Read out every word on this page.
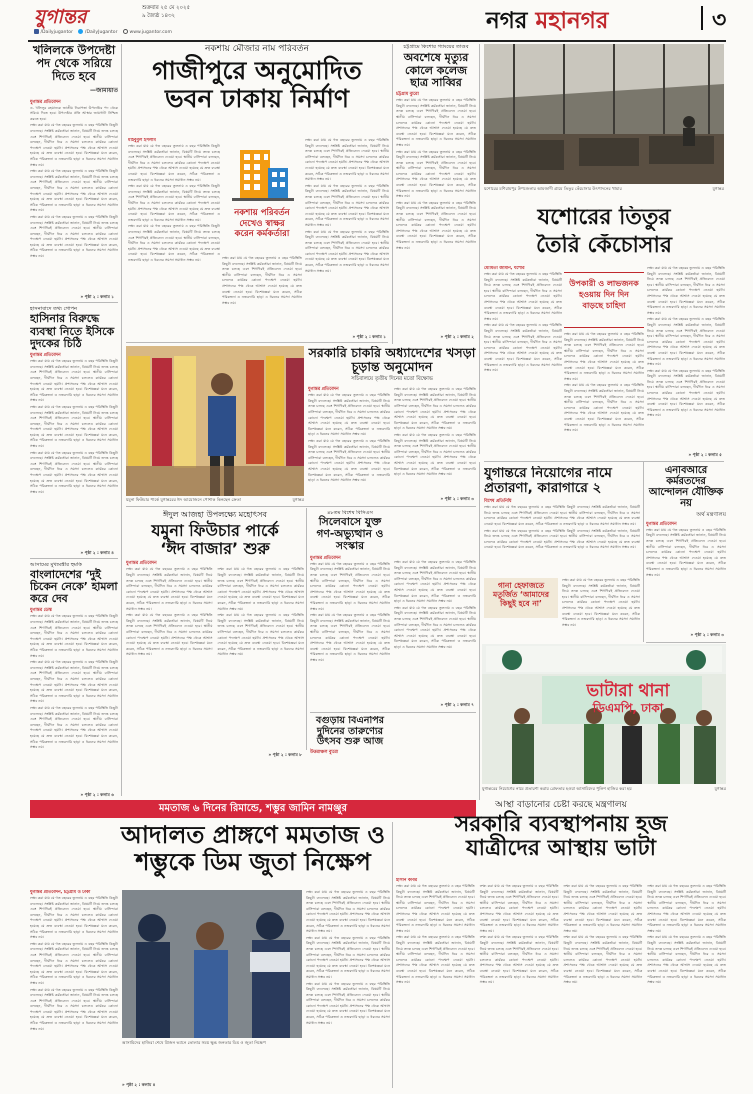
যুগান্তর	শুক্রবার ২৫ মে ২০২৫
৯ জ্যৈষ্ঠ ১৪৩২
/Dailyjugantor	/DailyJugantor	www.jugantor.com	নগর মহানগর	৩
খলিলকে উপদেষ্টা পদ থেকে সরিয়ে দিতে হবে
—জামায়াত
যুগান্তর প্রতিবেদন

ড. খলিলুর রহমানকে জাতীয় নিরাপত্তা উপদেষ্টার পদ থেকে সরিয়ে দিতে হবে। উপদেষ্টার প্রতি আস্থার জায়গাটা নিশ্চিত করতে হবে।

লক্ষ্য করা যায় যে গত বছরের তুলনায় এ বছর পরিস্থিতি কিছুটা বদলেছে। সংশ্লিষ্ট কর্মকর্তারা জানান, বিষয়টি নিয়ে তদন্ত চলছে এবং শিগগিরই প্রতিবেদন দেওয়া হবে। স্থানীয় বাসিন্দারা বলছেন, দীর্ঘদিন ধরে এ সমস্যা চললেও কার্যকর কোনো পদক্ষেপ নেওয়া হয়নি। প্রশাসনের পক্ষ থেকে আশ্বাস দেওয়া হয়েছে যে দ্রুত ব্যবস্থা নেওয়া হবে। বিশেষজ্ঞরা মনে করেন, সঠিক পরিকল্পনা ও নজরদারি ছাড়া এ ধরনের সমস্যা সমাধান সম্ভব নয়।

লক্ষ্য করা যায় যে গত বছরের তুলনায় এ বছর পরিস্থিতি কিছুটা বদলেছে। সংশ্লিষ্ট কর্মকর্তারা জানান, বিষয়টি নিয়ে তদন্ত চলছে এবং শিগগিরই প্রতিবেদন দেওয়া হবে। স্থানীয় বাসিন্দারা বলছেন, দীর্ঘদিন ধরে এ সমস্যা চললেও কার্যকর কোনো পদক্ষেপ নেওয়া হয়নি। প্রশাসনের পক্ষ থেকে আশ্বাস দেওয়া হয়েছে যে দ্রুত ব্যবস্থা নেওয়া হবে। বিশেষজ্ঞরা মনে করেন, সঠিক পরিকল্পনা ও নজরদারি ছাড়া এ ধরনের সমস্যা সমাধান সম্ভব নয়।

লক্ষ্য করা যায় যে গত বছরের তুলনায় এ বছর পরিস্থিতি কিছুটা বদলেছে। সংশ্লিষ্ট কর্মকর্তারা জানান, বিষয়টি নিয়ে তদন্ত চলছে এবং শিগগিরই প্রতিবেদন দেওয়া হবে। স্থানীয় বাসিন্দারা বলছেন, দীর্ঘদিন ধরে এ সমস্যা চললেও কার্যকর কোনো পদক্ষেপ নেওয়া হয়নি। প্রশাসনের পক্ষ থেকে আশ্বাস দেওয়া হয়েছে যে দ্রুত ব্যবস্থা নেওয়া হবে। বিশেষজ্ঞরা মনে করেন, সঠিক পরিকল্পনা ও নজরদারি ছাড়া এ ধরনের সমস্যা সমাধান সম্ভব নয়।

» পৃষ্ঠা ২ : কলাম ১
হাসনাবাদে তথ্য গোপন
হাসিনার বিরুদ্ধে ব্যবস্থা নিতে ইসিকে দুদকের চিঠি
যুগান্তর প্রতিবেদন

লক্ষ্য করা যায় যে গত বছরের তুলনায় এ বছর পরিস্থিতি কিছুটা বদলেছে। সংশ্লিষ্ট কর্মকর্তারা জানান, বিষয়টি নিয়ে তদন্ত চলছে এবং শিগগিরই প্রতিবেদন দেওয়া হবে। স্থানীয় বাসিন্দারা বলছেন, দীর্ঘদিন ধরে এ সমস্যা চললেও কার্যকর কোনো পদক্ষেপ নেওয়া হয়নি। প্রশাসনের পক্ষ থেকে আশ্বাস দেওয়া হয়েছে যে দ্রুত ব্যবস্থা নেওয়া হবে। বিশেষজ্ঞরা মনে করেন, সঠিক পরিকল্পনা ও নজরদারি ছাড়া এ ধরনের সমস্যা সমাধান সম্ভব নয়।

লক্ষ্য করা যায় যে গত বছরের তুলনায় এ বছর পরিস্থিতি কিছুটা বদলেছে। সংশ্লিষ্ট কর্মকর্তারা জানান, বিষয়টি নিয়ে তদন্ত চলছে এবং শিগগিরই প্রতিবেদন দেওয়া হবে। স্থানীয় বাসিন্দারা বলছেন, দীর্ঘদিন ধরে এ সমস্যা চললেও কার্যকর কোনো পদক্ষেপ নেওয়া হয়নি। প্রশাসনের পক্ষ থেকে আশ্বাস দেওয়া হয়েছে যে দ্রুত ব্যবস্থা নেওয়া হবে। বিশেষজ্ঞরা মনে করেন, সঠিক পরিকল্পনা ও নজরদারি ছাড়া এ ধরনের সমস্যা সমাধান সম্ভব নয়।

লক্ষ্য করা যায় যে গত বছরের তুলনায় এ বছর পরিস্থিতি কিছুটা বদলেছে। সংশ্লিষ্ট কর্মকর্তারা জানান, বিষয়টি নিয়ে তদন্ত চলছে এবং শিগগিরই প্রতিবেদন দেওয়া হবে। স্থানীয় বাসিন্দারা বলছেন, দীর্ঘদিন ধরে এ সমস্যা চললেও কার্যকর কোনো পদক্ষেপ নেওয়া হয়নি। প্রশাসনের পক্ষ থেকে আশ্বাস দেওয়া হয়েছে যে দ্রুত ব্যবস্থা নেওয়া হবে। বিশেষজ্ঞরা মনে করেন, সঠিক পরিকল্পনা ও নজরদারি ছাড়া এ ধরনের সমস্যা সমাধান সম্ভব নয়।

» পৃষ্ঠা ২ : কলাম ৪
আসামের মুখ্যমন্ত্রীর হুমকি
বাংলাদেশের ‘দুই চিকেন নেকে’ হামলা করে দেব
যুগান্তর ডেস্ক

লক্ষ্য করা যায় যে গত বছরের তুলনায় এ বছর পরিস্থিতি কিছুটা বদলেছে। সংশ্লিষ্ট কর্মকর্তারা জানান, বিষয়টি নিয়ে তদন্ত চলছে এবং শিগগিরই প্রতিবেদন দেওয়া হবে। স্থানীয় বাসিন্দারা বলছেন, দীর্ঘদিন ধরে এ সমস্যা চললেও কার্যকর কোনো পদক্ষেপ নেওয়া হয়নি। প্রশাসনের পক্ষ থেকে আশ্বাস দেওয়া হয়েছে যে দ্রুত ব্যবস্থা নেওয়া হবে। বিশেষজ্ঞরা মনে করেন, সঠিক পরিকল্পনা ও নজরদারি ছাড়া এ ধরনের সমস্যা সমাধান সম্ভব নয়।

লক্ষ্য করা যায় যে গত বছরের তুলনায় এ বছর পরিস্থিতি কিছুটা বদলেছে। সংশ্লিষ্ট কর্মকর্তারা জানান, বিষয়টি নিয়ে তদন্ত চলছে এবং শিগগিরই প্রতিবেদন দেওয়া হবে। স্থানীয় বাসিন্দারা বলছেন, দীর্ঘদিন ধরে এ সমস্যা চললেও কার্যকর কোনো পদক্ষেপ নেওয়া হয়নি। প্রশাসনের পক্ষ থেকে আশ্বাস দেওয়া হয়েছে যে দ্রুত ব্যবস্থা নেওয়া হবে। বিশেষজ্ঞরা মনে করেন, সঠিক পরিকল্পনা ও নজরদারি ছাড়া এ ধরনের সমস্যা সমাধান সম্ভব নয়।

লক্ষ্য করা যায় যে গত বছরের তুলনায় এ বছর পরিস্থিতি কিছুটা বদলেছে। সংশ্লিষ্ট কর্মকর্তারা জানান, বিষয়টি নিয়ে তদন্ত চলছে এবং শিগগিরই প্রতিবেদন দেওয়া হবে। স্থানীয় বাসিন্দারা বলছেন, দীর্ঘদিন ধরে এ সমস্যা চললেও কার্যকর কোনো পদক্ষেপ নেওয়া হয়নি। প্রশাসনের পক্ষ থেকে আশ্বাস দেওয়া হয়েছে যে দ্রুত ব্যবস্থা নেওয়া হবে। বিশেষজ্ঞরা মনে করেন, সঠিক পরিকল্পনা ও নজরদারি ছাড়া এ ধরনের সমস্যা সমাধান সম্ভব নয়।

» পৃষ্ঠা ২ : কলাম ৬
নকশায় মৌজার নাম পরিবর্তন
গাজীপুরে অনুমোদিত
ভবন ঢাকায় নির্মাণ
মাহবুবুল ইসলাম

লক্ষ্য করা যায় যে গত বছরের তুলনায় এ বছর পরিস্থিতি কিছুটা বদলেছে। সংশ্লিষ্ট কর্মকর্তারা জানান, বিষয়টি নিয়ে তদন্ত চলছে এবং শিগগিরই প্রতিবেদন দেওয়া হবে। স্থানীয় বাসিন্দারা বলছেন, দীর্ঘদিন ধরে এ সমস্যা চললেও কার্যকর কোনো পদক্ষেপ নেওয়া হয়নি। প্রশাসনের পক্ষ থেকে আশ্বাস দেওয়া হয়েছে যে দ্রুত ব্যবস্থা নেওয়া হবে। বিশেষজ্ঞরা মনে করেন, সঠিক পরিকল্পনা ও নজরদারি ছাড়া এ ধরনের সমস্যা সমাধান সম্ভব নয়।

লক্ষ্য করা যায় যে গত বছরের তুলনায় এ বছর পরিস্থিতি কিছুটা বদলেছে। সংশ্লিষ্ট কর্মকর্তারা জানান, বিষয়টি নিয়ে তদন্ত চলছে এবং শিগগিরই প্রতিবেদন দেওয়া হবে। স্থানীয় বাসিন্দারা বলছেন, দীর্ঘদিন ধরে এ সমস্যা চললেও কার্যকর কোনো পদক্ষেপ নেওয়া হয়নি। প্রশাসনের পক্ষ থেকে আশ্বাস দেওয়া হয়েছে যে দ্রুত ব্যবস্থা নেওয়া হবে। বিশেষজ্ঞরা মনে করেন, সঠিক পরিকল্পনা ও নজরদারি ছাড়া এ ধরনের সমস্যা সমাধান সম্ভব নয়।

লক্ষ্য করা যায় যে গত বছরের তুলনায় এ বছর পরিস্থিতি কিছুটা বদলেছে। সংশ্লিষ্ট কর্মকর্তারা জানান, বিষয়টি নিয়ে তদন্ত চলছে এবং শিগগিরই প্রতিবেদন দেওয়া হবে। স্থানীয় বাসিন্দারা বলছেন, দীর্ঘদিন ধরে এ সমস্যা চললেও কার্যকর কোনো পদক্ষেপ নেওয়া হয়নি। প্রশাসনের পক্ষ থেকে আশ্বাস দেওয়া হয়েছে যে দ্রুত ব্যবস্থা নেওয়া হবে। বিশেষজ্ঞরা মনে করেন, সঠিক পরিকল্পনা ও নজরদারি ছাড়া এ ধরনের সমস্যা সমাধান সম্ভব নয়।

নকশায় পরিবর্তন
দেখেও স্বাক্ষর
করেন কর্মকর্তারা

লক্ষ্য করা যায় যে গত বছরের তুলনায় এ বছর পরিস্থিতি কিছুটা বদলেছে। সংশ্লিষ্ট কর্মকর্তারা জানান, বিষয়টি নিয়ে তদন্ত চলছে এবং শিগগিরই প্রতিবেদন দেওয়া হবে। স্থানীয় বাসিন্দারা বলছেন, দীর্ঘদিন ধরে এ সমস্যা চললেও কার্যকর কোনো পদক্ষেপ নেওয়া হয়নি। প্রশাসনের পক্ষ থেকে আশ্বাস দেওয়া হয়েছে যে দ্রুত ব্যবস্থা নেওয়া হবে। বিশেষজ্ঞরা মনে করেন, সঠিক পরিকল্পনা ও নজরদারি ছাড়া এ ধরনের সমস্যা সমাধান সম্ভব নয়।

লক্ষ্য করা যায় যে গত বছরের তুলনায় এ বছর পরিস্থিতি কিছুটা বদলেছে। সংশ্লিষ্ট কর্মকর্তারা জানান, বিষয়টি নিয়ে তদন্ত চলছে এবং শিগগিরই প্রতিবেদন দেওয়া হবে। স্থানীয় বাসিন্দারা বলছেন, দীর্ঘদিন ধরে এ সমস্যা চললেও কার্যকর কোনো পদক্ষেপ নেওয়া হয়নি। প্রশাসনের পক্ষ থেকে আশ্বাস দেওয়া হয়েছে যে দ্রুত ব্যবস্থা নেওয়া হবে। বিশেষজ্ঞরা মনে করেন, সঠিক পরিকল্পনা ও নজরদারি ছাড়া এ ধরনের সমস্যা সমাধান সম্ভব নয়।

লক্ষ্য করা যায় যে গত বছরের তুলনায় এ বছর পরিস্থিতি কিছুটা বদলেছে। সংশ্লিষ্ট কর্মকর্তারা জানান, বিষয়টি নিয়ে তদন্ত চলছে এবং শিগগিরই প্রতিবেদন দেওয়া হবে। স্থানীয় বাসিন্দারা বলছেন, দীর্ঘদিন ধরে এ সমস্যা চললেও কার্যকর কোনো পদক্ষেপ নেওয়া হয়নি। প্রশাসনের পক্ষ থেকে আশ্বাস দেওয়া হয়েছে যে দ্রুত ব্যবস্থা নেওয়া হবে। বিশেষজ্ঞরা মনে করেন, সঠিক পরিকল্পনা ও নজরদারি ছাড়া এ ধরনের সমস্যা সমাধান সম্ভব নয়।

লক্ষ্য করা যায় যে গত বছরের তুলনায় এ বছর পরিস্থিতি কিছুটা বদলেছে। সংশ্লিষ্ট কর্মকর্তারা জানান, বিষয়টি নিয়ে তদন্ত চলছে এবং শিগগিরই প্রতিবেদন দেওয়া হবে। স্থানীয় বাসিন্দারা বলছেন, দীর্ঘদিন ধরে এ সমস্যা চললেও কার্যকর কোনো পদক্ষেপ নেওয়া হয়নি। প্রশাসনের পক্ষ থেকে আশ্বাস দেওয়া হয়েছে যে দ্রুত ব্যবস্থা নেওয়া হবে। বিশেষজ্ঞরা মনে করেন, সঠিক পরিকল্পনা ও নজরদারি ছাড়া এ ধরনের সমস্যা সমাধান সম্ভব নয়।

» পৃষ্ঠা ২ : কলাম ১
চট্টগ্রামে কিশোর গ্যাংয়ের তাণ্ডব
অবশেষে মৃত্যুর কোলে কলেজ ছাত্র সাব্বির
চট্টগ্রাম ব্যুরো

লক্ষ্য করা যায় যে গত বছরের তুলনায় এ বছর পরিস্থিতি কিছুটা বদলেছে। সংশ্লিষ্ট কর্মকর্তারা জানান, বিষয়টি নিয়ে তদন্ত চলছে এবং শিগগিরই প্রতিবেদন দেওয়া হবে। স্থানীয় বাসিন্দারা বলছেন, দীর্ঘদিন ধরে এ সমস্যা চললেও কার্যকর কোনো পদক্ষেপ নেওয়া হয়নি। প্রশাসনের পক্ষ থেকে আশ্বাস দেওয়া হয়েছে যে দ্রুত ব্যবস্থা নেওয়া হবে। বিশেষজ্ঞরা মনে করেন, সঠিক পরিকল্পনা ও নজরদারি ছাড়া এ ধরনের সমস্যা সমাধান সম্ভব নয়।

লক্ষ্য করা যায় যে গত বছরের তুলনায় এ বছর পরিস্থিতি কিছুটা বদলেছে। সংশ্লিষ্ট কর্মকর্তারা জানান, বিষয়টি নিয়ে তদন্ত চলছে এবং শিগগিরই প্রতিবেদন দেওয়া হবে। স্থানীয় বাসিন্দারা বলছেন, দীর্ঘদিন ধরে এ সমস্যা চললেও কার্যকর কোনো পদক্ষেপ নেওয়া হয়নি। প্রশাসনের পক্ষ থেকে আশ্বাস দেওয়া হয়েছে যে দ্রুত ব্যবস্থা নেওয়া হবে। বিশেষজ্ঞরা মনে করেন, সঠিক পরিকল্পনা ও নজরদারি ছাড়া এ ধরনের সমস্যা সমাধান সম্ভব নয়।

লক্ষ্য করা যায় যে গত বছরের তুলনায় এ বছর পরিস্থিতি কিছুটা বদলেছে। সংশ্লিষ্ট কর্মকর্তারা জানান, বিষয়টি নিয়ে তদন্ত চলছে এবং শিগগিরই প্রতিবেদন দেওয়া হবে। স্থানীয় বাসিন্দারা বলছেন, দীর্ঘদিন ধরে এ সমস্যা চললেও কার্যকর কোনো পদক্ষেপ নেওয়া হয়নি। প্রশাসনের পক্ষ থেকে আশ্বাস দেওয়া হয়েছে যে দ্রুত ব্যবস্থা নেওয়া হবে। বিশেষজ্ঞরা মনে করেন, সঠিক পরিকল্পনা ও নজরদারি ছাড়া এ ধরনের সমস্যা সমাধান সম্ভব নয়।

» পৃষ্ঠা ২ : কলাম ২
যশোরের মণিরামপুর উপজেলার আমজাদী গ্রামে তিতুর কেঁচোসার উৎপাদনের খামার	যুগান্তর
যশোরের তিতুর
তৈরি কেঁচোসার
মৌমিতা জামান, যশোর

লক্ষ্য করা যায় যে গত বছরের তুলনায় এ বছর পরিস্থিতি কিছুটা বদলেছে। সংশ্লিষ্ট কর্মকর্তারা জানান, বিষয়টি নিয়ে তদন্ত চলছে এবং শিগগিরই প্রতিবেদন দেওয়া হবে। স্থানীয় বাসিন্দারা বলছেন, দীর্ঘদিন ধরে এ সমস্যা চললেও কার্যকর কোনো পদক্ষেপ নেওয়া হয়নি। প্রশাসনের পক্ষ থেকে আশ্বাস দেওয়া হয়েছে যে দ্রুত ব্যবস্থা নেওয়া হবে। বিশেষজ্ঞরা মনে করেন, সঠিক পরিকল্পনা ও নজরদারি ছাড়া এ ধরনের সমস্যা সমাধান সম্ভব নয়।

লক্ষ্য করা যায় যে গত বছরের তুলনায় এ বছর পরিস্থিতি কিছুটা বদলেছে। সংশ্লিষ্ট কর্মকর্তারা জানান, বিষয়টি নিয়ে তদন্ত চলছে এবং শিগগিরই প্রতিবেদন দেওয়া হবে। স্থানীয় বাসিন্দারা বলছেন, দীর্ঘদিন ধরে এ সমস্যা চললেও কার্যকর কোনো পদক্ষেপ নেওয়া হয়নি। প্রশাসনের পক্ষ থেকে আশ্বাস দেওয়া হয়েছে যে দ্রুত ব্যবস্থা নেওয়া হবে। বিশেষজ্ঞরা মনে করেন, সঠিক পরিকল্পনা ও নজরদারি ছাড়া এ ধরনের সমস্যা সমাধান সম্ভব নয়।

উপকারী ও লাভজনক
হওয়ায় দিন দিন
বাড়ছে চাহিদা

লক্ষ্য করা যায় যে গত বছরের তুলনায় এ বছর পরিস্থিতি কিছুটা বদলেছে। সংশ্লিষ্ট কর্মকর্তারা জানান, বিষয়টি নিয়ে তদন্ত চলছে এবং শিগগিরই প্রতিবেদন দেওয়া হবে। স্থানীয় বাসিন্দারা বলছেন, দীর্ঘদিন ধরে এ সমস্যা চললেও কার্যকর কোনো পদক্ষেপ নেওয়া হয়নি। প্রশাসনের পক্ষ থেকে আশ্বাস দেওয়া হয়েছে যে দ্রুত ব্যবস্থা নেওয়া হবে। বিশেষজ্ঞরা মনে করেন, সঠিক পরিকল্পনা ও নজরদারি ছাড়া এ ধরনের সমস্যা সমাধান সম্ভব নয়।

লক্ষ্য করা যায় যে গত বছরের তুলনায় এ বছর পরিস্থিতি কিছুটা বদলেছে। সংশ্লিষ্ট কর্মকর্তারা জানান, বিষয়টি নিয়ে তদন্ত চলছে এবং শিগগিরই প্রতিবেদন দেওয়া হবে। স্থানীয় বাসিন্দারা বলছেন, দীর্ঘদিন ধরে এ সমস্যা চললেও কার্যকর কোনো পদক্ষেপ নেওয়া হয়নি। প্রশাসনের পক্ষ থেকে আশ্বাস দেওয়া হয়েছে যে দ্রুত ব্যবস্থা নেওয়া হবে। বিশেষজ্ঞরা মনে করেন, সঠিক পরিকল্পনা ও নজরদারি ছাড়া এ ধরনের সমস্যা সমাধান সম্ভব নয়।

লক্ষ্য করা যায় যে গত বছরের তুলনায় এ বছর পরিস্থিতি কিছুটা বদলেছে। সংশ্লিষ্ট কর্মকর্তারা জানান, বিষয়টি নিয়ে তদন্ত চলছে এবং শিগগিরই প্রতিবেদন দেওয়া হবে। স্থানীয় বাসিন্দারা বলছেন, দীর্ঘদিন ধরে এ সমস্যা চললেও কার্যকর কোনো পদক্ষেপ নেওয়া হয়নি। প্রশাসনের পক্ষ থেকে আশ্বাস দেওয়া হয়েছে যে দ্রুত ব্যবস্থা নেওয়া হবে। বিশেষজ্ঞরা মনে করেন, সঠিক পরিকল্পনা ও নজরদারি ছাড়া এ ধরনের সমস্যা সমাধান সম্ভব নয়।

লক্ষ্য করা যায় যে গত বছরের তুলনায় এ বছর পরিস্থিতি কিছুটা বদলেছে। সংশ্লিষ্ট কর্মকর্তারা জানান, বিষয়টি নিয়ে তদন্ত চলছে এবং শিগগিরই প্রতিবেদন দেওয়া হবে। স্থানীয় বাসিন্দারা বলছেন, দীর্ঘদিন ধরে এ সমস্যা চললেও কার্যকর কোনো পদক্ষেপ নেওয়া হয়নি। প্রশাসনের পক্ষ থেকে আশ্বাস দেওয়া হয়েছে যে দ্রুত ব্যবস্থা নেওয়া হবে। বিশেষজ্ঞরা মনে করেন, সঠিক পরিকল্পনা ও নজরদারি ছাড়া এ ধরনের সমস্যা সমাধান সম্ভব নয়।

লক্ষ্য করা যায় যে গত বছরের তুলনায় এ বছর পরিস্থিতি কিছুটা বদলেছে। সংশ্লিষ্ট কর্মকর্তারা জানান, বিষয়টি নিয়ে তদন্ত চলছে এবং শিগগিরই প্রতিবেদন দেওয়া হবে। স্থানীয় বাসিন্দারা বলছেন, দীর্ঘদিন ধরে এ সমস্যা চললেও কার্যকর কোনো পদক্ষেপ নেওয়া হয়নি। প্রশাসনের পক্ষ থেকে আশ্বাস দেওয়া হয়েছে যে দ্রুত ব্যবস্থা নেওয়া হবে। বিশেষজ্ঞরা মনে করেন, সঠিক পরিকল্পনা ও নজরদারি ছাড়া এ ধরনের সমস্যা সমাধান সম্ভব নয়।

» পৃষ্ঠা ২ : কলাম ৫
যমুনা ফিউচার পার্কে যুগান্তরের ঈদ আয়োজনে পোশাক কিনছেন ক্রেতা	যুগান্তর
সরকারি চাকরি অধ্যাদেশের খসড়া চূড়ান্ত অনুমোদন
সচিবালয়ে তৃতীয় দিনের মতো বিক্ষোভ
যুগান্তর প্রতিবেদন

লক্ষ্য করা যায় যে গত বছরের তুলনায় এ বছর পরিস্থিতি কিছুটা বদলেছে। সংশ্লিষ্ট কর্মকর্তারা জানান, বিষয়টি নিয়ে তদন্ত চলছে এবং শিগগিরই প্রতিবেদন দেওয়া হবে। স্থানীয় বাসিন্দারা বলছেন, দীর্ঘদিন ধরে এ সমস্যা চললেও কার্যকর কোনো পদক্ষেপ নেওয়া হয়নি। প্রশাসনের পক্ষ থেকে আশ্বাস দেওয়া হয়েছে যে দ্রুত ব্যবস্থা নেওয়া হবে। বিশেষজ্ঞরা মনে করেন, সঠিক পরিকল্পনা ও নজরদারি ছাড়া এ ধরনের সমস্যা সমাধান সম্ভব নয়।

লক্ষ্য করা যায় যে গত বছরের তুলনায় এ বছর পরিস্থিতি কিছুটা বদলেছে। সংশ্লিষ্ট কর্মকর্তারা জানান, বিষয়টি নিয়ে তদন্ত চলছে এবং শিগগিরই প্রতিবেদন দেওয়া হবে। স্থানীয় বাসিন্দারা বলছেন, দীর্ঘদিন ধরে এ সমস্যা চললেও কার্যকর কোনো পদক্ষেপ নেওয়া হয়নি। প্রশাসনের পক্ষ থেকে আশ্বাস দেওয়া হয়েছে যে দ্রুত ব্যবস্থা নেওয়া হবে। বিশেষজ্ঞরা মনে করেন, সঠিক পরিকল্পনা ও নজরদারি ছাড়া এ ধরনের সমস্যা সমাধান সম্ভব নয়।

লক্ষ্য করা যায় যে গত বছরের তুলনায় এ বছর পরিস্থিতি কিছুটা বদলেছে। সংশ্লিষ্ট কর্মকর্তারা জানান, বিষয়টি নিয়ে তদন্ত চলছে এবং শিগগিরই প্রতিবেদন দেওয়া হবে। স্থানীয় বাসিন্দারা বলছেন, দীর্ঘদিন ধরে এ সমস্যা চললেও কার্যকর কোনো পদক্ষেপ নেওয়া হয়নি। প্রশাসনের পক্ষ থেকে আশ্বাস দেওয়া হয়েছে যে দ্রুত ব্যবস্থা নেওয়া হবে। বিশেষজ্ঞরা মনে করেন, সঠিক পরিকল্পনা ও নজরদারি ছাড়া এ ধরনের সমস্যা সমাধান সম্ভব নয়।

লক্ষ্য করা যায় যে গত বছরের তুলনায় এ বছর পরিস্থিতি কিছুটা বদলেছে। সংশ্লিষ্ট কর্মকর্তারা জানান, বিষয়টি নিয়ে তদন্ত চলছে এবং শিগগিরই প্রতিবেদন দেওয়া হবে। স্থানীয় বাসিন্দারা বলছেন, দীর্ঘদিন ধরে এ সমস্যা চললেও কার্যকর কোনো পদক্ষেপ নেওয়া হয়নি। প্রশাসনের পক্ষ থেকে আশ্বাস দেওয়া হয়েছে যে দ্রুত ব্যবস্থা নেওয়া হবে। বিশেষজ্ঞরা মনে করেন, সঠিক পরিকল্পনা ও নজরদারি ছাড়া এ ধরনের সমস্যা সমাধান সম্ভব নয়।

» পৃষ্ঠা ২ : কলাম ৩
ঈদুল আজহা উপলক্ষ্যে মহোৎসব
যমুনা ফিউচার পার্কে
‘ঈদ বাজার’ শুরু
যুগান্তর প্রতিবেদন

লক্ষ্য করা যায় যে গত বছরের তুলনায় এ বছর পরিস্থিতি কিছুটা বদলেছে। সংশ্লিষ্ট কর্মকর্তারা জানান, বিষয়টি নিয়ে তদন্ত চলছে এবং শিগগিরই প্রতিবেদন দেওয়া হবে। স্থানীয় বাসিন্দারা বলছেন, দীর্ঘদিন ধরে এ সমস্যা চললেও কার্যকর কোনো পদক্ষেপ নেওয়া হয়নি। প্রশাসনের পক্ষ থেকে আশ্বাস দেওয়া হয়েছে যে দ্রুত ব্যবস্থা নেওয়া হবে। বিশেষজ্ঞরা মনে করেন, সঠিক পরিকল্পনা ও নজরদারি ছাড়া এ ধরনের সমস্যা সমাধান সম্ভব নয়।

লক্ষ্য করা যায় যে গত বছরের তুলনায় এ বছর পরিস্থিতি কিছুটা বদলেছে। সংশ্লিষ্ট কর্মকর্তারা জানান, বিষয়টি নিয়ে তদন্ত চলছে এবং শিগগিরই প্রতিবেদন দেওয়া হবে। স্থানীয় বাসিন্দারা বলছেন, দীর্ঘদিন ধরে এ সমস্যা চললেও কার্যকর কোনো পদক্ষেপ নেওয়া হয়নি। প্রশাসনের পক্ষ থেকে আশ্বাস দেওয়া হয়েছে যে দ্রুত ব্যবস্থা নেওয়া হবে। বিশেষজ্ঞরা মনে করেন, সঠিক পরিকল্পনা ও নজরদারি ছাড়া এ ধরনের সমস্যা সমাধান সম্ভব নয়।

লক্ষ্য করা যায় যে গত বছরের তুলনায় এ বছর পরিস্থিতি কিছুটা বদলেছে। সংশ্লিষ্ট কর্মকর্তারা জানান, বিষয়টি নিয়ে তদন্ত চলছে এবং শিগগিরই প্রতিবেদন দেওয়া হবে। স্থানীয় বাসিন্দারা বলছেন, দীর্ঘদিন ধরে এ সমস্যা চললেও কার্যকর কোনো পদক্ষেপ নেওয়া হয়নি। প্রশাসনের পক্ষ থেকে আশ্বাস দেওয়া হয়েছে যে দ্রুত ব্যবস্থা নেওয়া হবে। বিশেষজ্ঞরা মনে করেন, সঠিক পরিকল্পনা ও নজরদারি ছাড়া এ ধরনের সমস্যা সমাধান সম্ভব নয়।

লক্ষ্য করা যায় যে গত বছরের তুলনায় এ বছর পরিস্থিতি কিছুটা বদলেছে। সংশ্লিষ্ট কর্মকর্তারা জানান, বিষয়টি নিয়ে তদন্ত চলছে এবং শিগগিরই প্রতিবেদন দেওয়া হবে। স্থানীয় বাসিন্দারা বলছেন, দীর্ঘদিন ধরে এ সমস্যা চললেও কার্যকর কোনো পদক্ষেপ নেওয়া হয়নি। প্রশাসনের পক্ষ থেকে আশ্বাস দেওয়া হয়েছে যে দ্রুত ব্যবস্থা নেওয়া হবে। বিশেষজ্ঞরা মনে করেন, সঠিক পরিকল্পনা ও নজরদারি ছাড়া এ ধরনের সমস্যা সমাধান সম্ভব নয়।

» পৃষ্ঠা ২ : কলাম ৮
৪৮তম বিশেষ বিসিএস
সিলেবাসে যুক্ত গণ-অভ্যুত্থান ও সংস্কার
যুগান্তর প্রতিবেদন

লক্ষ্য করা যায় যে গত বছরের তুলনায় এ বছর পরিস্থিতি কিছুটা বদলেছে। সংশ্লিষ্ট কর্মকর্তারা জানান, বিষয়টি নিয়ে তদন্ত চলছে এবং শিগগিরই প্রতিবেদন দেওয়া হবে। স্থানীয় বাসিন্দারা বলছেন, দীর্ঘদিন ধরে এ সমস্যা চললেও কার্যকর কোনো পদক্ষেপ নেওয়া হয়নি। প্রশাসনের পক্ষ থেকে আশ্বাস দেওয়া হয়েছে যে দ্রুত ব্যবস্থা নেওয়া হবে। বিশেষজ্ঞরা মনে করেন, সঠিক পরিকল্পনা ও নজরদারি ছাড়া এ ধরনের সমস্যা সমাধান সম্ভব নয়।

লক্ষ্য করা যায় যে গত বছরের তুলনায় এ বছর পরিস্থিতি কিছুটা বদলেছে। সংশ্লিষ্ট কর্মকর্তারা জানান, বিষয়টি নিয়ে তদন্ত চলছে এবং শিগগিরই প্রতিবেদন দেওয়া হবে। স্থানীয় বাসিন্দারা বলছেন, দীর্ঘদিন ধরে এ সমস্যা চললেও কার্যকর কোনো পদক্ষেপ নেওয়া হয়নি। প্রশাসনের পক্ষ থেকে আশ্বাস দেওয়া হয়েছে যে দ্রুত ব্যবস্থা নেওয়া হবে। বিশেষজ্ঞরা মনে করেন, সঠিক পরিকল্পনা ও নজরদারি ছাড়া এ ধরনের সমস্যা সমাধান সম্ভব নয়।

লক্ষ্য করা যায় যে গত বছরের তুলনায় এ বছর পরিস্থিতি কিছুটা বদলেছে। সংশ্লিষ্ট কর্মকর্তারা জানান, বিষয়টি নিয়ে তদন্ত চলছে এবং শিগগিরই প্রতিবেদন দেওয়া হবে। স্থানীয় বাসিন্দারা বলছেন, দীর্ঘদিন ধরে এ সমস্যা চললেও কার্যকর কোনো পদক্ষেপ নেওয়া হয়নি। প্রশাসনের পক্ষ থেকে আশ্বাস দেওয়া হয়েছে যে দ্রুত ব্যবস্থা নেওয়া হবে। বিশেষজ্ঞরা মনে করেন, সঠিক পরিকল্পনা ও নজরদারি ছাড়া এ ধরনের সমস্যা সমাধান সম্ভব নয়।

লক্ষ্য করা যায় যে গত বছরের তুলনায় এ বছর পরিস্থিতি কিছুটা বদলেছে। সংশ্লিষ্ট কর্মকর্তারা জানান, বিষয়টি নিয়ে তদন্ত চলছে এবং শিগগিরই প্রতিবেদন দেওয়া হবে। স্থানীয় বাসিন্দারা বলছেন, দীর্ঘদিন ধরে এ সমস্যা চললেও কার্যকর কোনো পদক্ষেপ নেওয়া হয়নি। প্রশাসনের পক্ষ থেকে আশ্বাস দেওয়া হয়েছে যে দ্রুত ব্যবস্থা নেওয়া হবে। বিশেষজ্ঞরা মনে করেন, সঠিক পরিকল্পনা ও নজরদারি ছাড়া এ ধরনের সমস্যা সমাধান সম্ভব নয়।

» পৃষ্ঠা ২ : কলাম ৭
বগুড়ায় বিএনপির দুদিনের তারুণ্যের উৎসব শুরু আজ
উত্তরাঞ্চল ব্যুরো
যুগান্তরে নিয়োগের নামে প্রতারণা, কারাগারে ২
বিশেষ প্রতিনিধি

লক্ষ্য করা যায় যে গত বছরের তুলনায় এ বছর পরিস্থিতি কিছুটা বদলেছে। সংশ্লিষ্ট কর্মকর্তারা জানান, বিষয়টি নিয়ে তদন্ত চলছে এবং শিগগিরই প্রতিবেদন দেওয়া হবে। স্থানীয় বাসিন্দারা বলছেন, দীর্ঘদিন ধরে এ সমস্যা চললেও কার্যকর কোনো পদক্ষেপ নেওয়া হয়নি। প্রশাসনের পক্ষ থেকে আশ্বাস দেওয়া হয়েছে যে দ্রুত ব্যবস্থা নেওয়া হবে। বিশেষজ্ঞরা মনে করেন, সঠিক পরিকল্পনা ও নজরদারি ছাড়া এ ধরনের সমস্যা সমাধান সম্ভব নয়।

লক্ষ্য করা যায় যে গত বছরের তুলনায় এ বছর পরিস্থিতি কিছুটা বদলেছে। সংশ্লিষ্ট কর্মকর্তারা জানান, বিষয়টি নিয়ে তদন্ত চলছে এবং শিগগিরই প্রতিবেদন দেওয়া হবে। স্থানীয় বাসিন্দারা বলছেন, দীর্ঘদিন ধরে এ সমস্যা চললেও কার্যকর কোনো পদক্ষেপ নেওয়া হয়নি। প্রশাসনের পক্ষ থেকে আশ্বাস দেওয়া হয়েছে যে দ্রুত ব্যবস্থা নেওয়া হবে। বিশেষজ্ঞরা মনে করেন, সঠিক পরিকল্পনা ও নজরদারি ছাড়া এ ধরনের সমস্যা সমাধান সম্ভব নয়।

গানা হেফাজতে মতুর্জিত ‘আমাদের কিছুই হবে না’

লক্ষ্য করা যায় যে গত বছরের তুলনায় এ বছর পরিস্থিতি কিছুটা বদলেছে। সংশ্লিষ্ট কর্মকর্তারা জানান, বিষয়টি নিয়ে তদন্ত চলছে এবং শিগগিরই প্রতিবেদন দেওয়া হবে। স্থানীয় বাসিন্দারা বলছেন, দীর্ঘদিন ধরে এ সমস্যা চললেও কার্যকর কোনো পদক্ষেপ নেওয়া হয়নি। প্রশাসনের পক্ষ থেকে আশ্বাস দেওয়া হয়েছে যে দ্রুত ব্যবস্থা নেওয়া হবে। বিশেষজ্ঞরা মনে করেন, সঠিক পরিকল্পনা ও নজরদারি ছাড়া এ ধরনের সমস্যা সমাধান সম্ভব নয়।

ভাটারা থানা
ডিএমপি, ঢাকা
যুগান্তরের নিয়োগের নামে প্রতারণা করায় গ্রেফতার হওয়া আসামিদের পুলিশ হাজির করা হয়	যুগান্তর
এনবিআরে কর্মরতদের আন্দোলন যৌক্তিক নয়
অর্থ মন্ত্রণালয়
যুগান্তর প্রতিবেদন

লক্ষ্য করা যায় যে গত বছরের তুলনায় এ বছর পরিস্থিতি কিছুটা বদলেছে। সংশ্লিষ্ট কর্মকর্তারা জানান, বিষয়টি নিয়ে তদন্ত চলছে এবং শিগগিরই প্রতিবেদন দেওয়া হবে। স্থানীয় বাসিন্দারা বলছেন, দীর্ঘদিন ধরে এ সমস্যা চললেও কার্যকর কোনো পদক্ষেপ নেওয়া হয়নি। প্রশাসনের পক্ষ থেকে আশ্বাস দেওয়া হয়েছে যে দ্রুত ব্যবস্থা নেওয়া হবে। বিশেষজ্ঞরা মনে করেন, সঠিক পরিকল্পনা ও নজরদারি ছাড়া এ ধরনের সমস্যা সমাধান সম্ভব নয়।

» পৃষ্ঠা ২ : কলাম ৩
মমতাজ ৬ দিনের রিমান্ডে, শম্ভুর জামিন নামঞ্জুর
আদালত প্রাঙ্গণে মমতাজ ও
শম্ভুকে ডিম জুতা নিক্ষেপ
যুগান্তর প্রতিবেদন, চট্টগ্রাম ও ঢাকা

লক্ষ্য করা যায় যে গত বছরের তুলনায় এ বছর পরিস্থিতি কিছুটা বদলেছে। সংশ্লিষ্ট কর্মকর্তারা জানান, বিষয়টি নিয়ে তদন্ত চলছে এবং শিগগিরই প্রতিবেদন দেওয়া হবে। স্থানীয় বাসিন্দারা বলছেন, দীর্ঘদিন ধরে এ সমস্যা চললেও কার্যকর কোনো পদক্ষেপ নেওয়া হয়নি। প্রশাসনের পক্ষ থেকে আশ্বাস দেওয়া হয়েছে যে দ্রুত ব্যবস্থা নেওয়া হবে। বিশেষজ্ঞরা মনে করেন, সঠিক পরিকল্পনা ও নজরদারি ছাড়া এ ধরনের সমস্যা সমাধান সম্ভব নয়।

লক্ষ্য করা যায় যে গত বছরের তুলনায় এ বছর পরিস্থিতি কিছুটা বদলেছে। সংশ্লিষ্ট কর্মকর্তারা জানান, বিষয়টি নিয়ে তদন্ত চলছে এবং শিগগিরই প্রতিবেদন দেওয়া হবে। স্থানীয় বাসিন্দারা বলছেন, দীর্ঘদিন ধরে এ সমস্যা চললেও কার্যকর কোনো পদক্ষেপ নেওয়া হয়নি। প্রশাসনের পক্ষ থেকে আশ্বাস দেওয়া হয়েছে যে দ্রুত ব্যবস্থা নেওয়া হবে। বিশেষজ্ঞরা মনে করেন, সঠিক পরিকল্পনা ও নজরদারি ছাড়া এ ধরনের সমস্যা সমাধান সম্ভব নয়।

লক্ষ্য করা যায় যে গত বছরের তুলনায় এ বছর পরিস্থিতি কিছুটা বদলেছে। সংশ্লিষ্ট কর্মকর্তারা জানান, বিষয়টি নিয়ে তদন্ত চলছে এবং শিগগিরই প্রতিবেদন দেওয়া হবে। স্থানীয় বাসিন্দারা বলছেন, দীর্ঘদিন ধরে এ সমস্যা চললেও কার্যকর কোনো পদক্ষেপ নেওয়া হয়নি। প্রশাসনের পক্ষ থেকে আশ্বাস দেওয়া হয়েছে যে দ্রুত ব্যবস্থা নেওয়া হবে। বিশেষজ্ঞরা মনে করেন, সঠিক পরিকল্পনা ও নজরদারি ছাড়া এ ধরনের সমস্যা সমাধান সম্ভব নয়।

আসামিদের হাজিরা শেষে প্রিজন ভ্যানে তোলার সময় ক্ষুব্ধ জনতার ডিম ও জুতা নিক্ষেপ

লক্ষ্য করা যায় যে গত বছরের তুলনায় এ বছর পরিস্থিতি কিছুটা বদলেছে। সংশ্লিষ্ট কর্মকর্তারা জানান, বিষয়টি নিয়ে তদন্ত চলছে এবং শিগগিরই প্রতিবেদন দেওয়া হবে। স্থানীয় বাসিন্দারা বলছেন, দীর্ঘদিন ধরে এ সমস্যা চললেও কার্যকর কোনো পদক্ষেপ নেওয়া হয়নি। প্রশাসনের পক্ষ থেকে আশ্বাস দেওয়া হয়েছে যে দ্রুত ব্যবস্থা নেওয়া হবে। বিশেষজ্ঞরা মনে করেন, সঠিক পরিকল্পনা ও নজরদারি ছাড়া এ ধরনের সমস্যা সমাধান সম্ভব নয়।

লক্ষ্য করা যায় যে গত বছরের তুলনায় এ বছর পরিস্থিতি কিছুটা বদলেছে। সংশ্লিষ্ট কর্মকর্তারা জানান, বিষয়টি নিয়ে তদন্ত চলছে এবং শিগগিরই প্রতিবেদন দেওয়া হবে। স্থানীয় বাসিন্দারা বলছেন, দীর্ঘদিন ধরে এ সমস্যা চললেও কার্যকর কোনো পদক্ষেপ নেওয়া হয়নি। প্রশাসনের পক্ষ থেকে আশ্বাস দেওয়া হয়েছে যে দ্রুত ব্যবস্থা নেওয়া হবে। বিশেষজ্ঞরা মনে করেন, সঠিক পরিকল্পনা ও নজরদারি ছাড়া এ ধরনের সমস্যা সমাধান সম্ভব নয়।

লক্ষ্য করা যায় যে গত বছরের তুলনায় এ বছর পরিস্থিতি কিছুটা বদলেছে। সংশ্লিষ্ট কর্মকর্তারা জানান, বিষয়টি নিয়ে তদন্ত চলছে এবং শিগগিরই প্রতিবেদন দেওয়া হবে। স্থানীয় বাসিন্দারা বলছেন, দীর্ঘদিন ধরে এ সমস্যা চললেও কার্যকর কোনো পদক্ষেপ নেওয়া হয়নি। প্রশাসনের পক্ষ থেকে আশ্বাস দেওয়া হয়েছে যে দ্রুত ব্যবস্থা নেওয়া হবে। বিশেষজ্ঞরা মনে করেন, সঠিক পরিকল্পনা ও নজরদারি ছাড়া এ ধরনের সমস্যা সমাধান সম্ভব নয়।

» পৃষ্ঠা ২ : কলাম ৪
আস্থা বাড়ানোর চেষ্টা করছে মন্ত্রণালয়
সরকারি ব্যবস্থাপনায় হজ
যাত্রীদের আস্থায় ভাটা
হাসান কবির

লক্ষ্য করা যায় যে গত বছরের তুলনায় এ বছর পরিস্থিতি কিছুটা বদলেছে। সংশ্লিষ্ট কর্মকর্তারা জানান, বিষয়টি নিয়ে তদন্ত চলছে এবং শিগগিরই প্রতিবেদন দেওয়া হবে। স্থানীয় বাসিন্দারা বলছেন, দীর্ঘদিন ধরে এ সমস্যা চললেও কার্যকর কোনো পদক্ষেপ নেওয়া হয়নি। প্রশাসনের পক্ষ থেকে আশ্বাস দেওয়া হয়েছে যে দ্রুত ব্যবস্থা নেওয়া হবে। বিশেষজ্ঞরা মনে করেন, সঠিক পরিকল্পনা ও নজরদারি ছাড়া এ ধরনের সমস্যা সমাধান সম্ভব নয়।

লক্ষ্য করা যায় যে গত বছরের তুলনায় এ বছর পরিস্থিতি কিছুটা বদলেছে। সংশ্লিষ্ট কর্মকর্তারা জানান, বিষয়টি নিয়ে তদন্ত চলছে এবং শিগগিরই প্রতিবেদন দেওয়া হবে। স্থানীয় বাসিন্দারা বলছেন, দীর্ঘদিন ধরে এ সমস্যা চললেও কার্যকর কোনো পদক্ষেপ নেওয়া হয়নি। প্রশাসনের পক্ষ থেকে আশ্বাস দেওয়া হয়েছে যে দ্রুত ব্যবস্থা নেওয়া হবে। বিশেষজ্ঞরা মনে করেন, সঠিক পরিকল্পনা ও নজরদারি ছাড়া এ ধরনের সমস্যা সমাধান সম্ভব নয়।

লক্ষ্য করা যায় যে গত বছরের তুলনায় এ বছর পরিস্থিতি কিছুটা বদলেছে। সংশ্লিষ্ট কর্মকর্তারা জানান, বিষয়টি নিয়ে তদন্ত চলছে এবং শিগগিরই প্রতিবেদন দেওয়া হবে। স্থানীয় বাসিন্দারা বলছেন, দীর্ঘদিন ধরে এ সমস্যা চললেও কার্যকর কোনো পদক্ষেপ নেওয়া হয়নি। প্রশাসনের পক্ষ থেকে আশ্বাস দেওয়া হয়েছে যে দ্রুত ব্যবস্থা নেওয়া হবে। বিশেষজ্ঞরা মনে করেন, সঠিক পরিকল্পনা ও নজরদারি ছাড়া এ ধরনের সমস্যা সমাধান সম্ভব নয়।

লক্ষ্য করা যায় যে গত বছরের তুলনায় এ বছর পরিস্থিতি কিছুটা বদলেছে। সংশ্লিষ্ট কর্মকর্তারা জানান, বিষয়টি নিয়ে তদন্ত চলছে এবং শিগগিরই প্রতিবেদন দেওয়া হবে। স্থানীয় বাসিন্দারা বলছেন, দীর্ঘদিন ধরে এ সমস্যা চললেও কার্যকর কোনো পদক্ষেপ নেওয়া হয়নি। প্রশাসনের পক্ষ থেকে আশ্বাস দেওয়া হয়েছে যে দ্রুত ব্যবস্থা নেওয়া হবে। বিশেষজ্ঞরা মনে করেন, সঠিক পরিকল্পনা ও নজরদারি ছাড়া এ ধরনের সমস্যা সমাধান সম্ভব নয়।

লক্ষ্য করা যায় যে গত বছরের তুলনায় এ বছর পরিস্থিতি কিছুটা বদলেছে। সংশ্লিষ্ট কর্মকর্তারা জানান, বিষয়টি নিয়ে তদন্ত চলছে এবং শিগগিরই প্রতিবেদন দেওয়া হবে। স্থানীয় বাসিন্দারা বলছেন, দীর্ঘদিন ধরে এ সমস্যা চললেও কার্যকর কোনো পদক্ষেপ নেওয়া হয়নি। প্রশাসনের পক্ষ থেকে আশ্বাস দেওয়া হয়েছে যে দ্রুত ব্যবস্থা নেওয়া হবে। বিশেষজ্ঞরা মনে করেন, সঠিক পরিকল্পনা ও নজরদারি ছাড়া এ ধরনের সমস্যা সমাধান সম্ভব নয়।

লক্ষ্য করা যায় যে গত বছরের তুলনায় এ বছর পরিস্থিতি কিছুটা বদলেছে। সংশ্লিষ্ট কর্মকর্তারা জানান, বিষয়টি নিয়ে তদন্ত চলছে এবং শিগগিরই প্রতিবেদন দেওয়া হবে। স্থানীয় বাসিন্দারা বলছেন, দীর্ঘদিন ধরে এ সমস্যা চললেও কার্যকর কোনো পদক্ষেপ নেওয়া হয়নি। প্রশাসনের পক্ষ থেকে আশ্বাস দেওয়া হয়েছে যে দ্রুত ব্যবস্থা নেওয়া হবে। বিশেষজ্ঞরা মনে করেন, সঠিক পরিকল্পনা ও নজরদারি ছাড়া এ ধরনের সমস্যা সমাধান সম্ভব নয়।

লক্ষ্য করা যায় যে গত বছরের তুলনায় এ বছর পরিস্থিতি কিছুটা বদলেছে। সংশ্লিষ্ট কর্মকর্তারা জানান, বিষয়টি নিয়ে তদন্ত চলছে এবং শিগগিরই প্রতিবেদন দেওয়া হবে। স্থানীয় বাসিন্দারা বলছেন, দীর্ঘদিন ধরে এ সমস্যা চললেও কার্যকর কোনো পদক্ষেপ নেওয়া হয়নি। প্রশাসনের পক্ষ থেকে আশ্বাস দেওয়া হয়েছে যে দ্রুত ব্যবস্থা নেওয়া হবে। বিশেষজ্ঞরা মনে করেন, সঠিক পরিকল্পনা ও নজরদারি ছাড়া এ ধরনের সমস্যা সমাধান সম্ভব নয়।

লক্ষ্য করা যায় যে গত বছরের তুলনায় এ বছর পরিস্থিতি কিছুটা বদলেছে। সংশ্লিষ্ট কর্মকর্তারা জানান, বিষয়টি নিয়ে তদন্ত চলছে এবং শিগগিরই প্রতিবেদন দেওয়া হবে। স্থানীয় বাসিন্দারা বলছেন, দীর্ঘদিন ধরে এ সমস্যা চললেও কার্যকর কোনো পদক্ষেপ নেওয়া হয়নি। প্রশাসনের পক্ষ থেকে আশ্বাস দেওয়া হয়েছে যে দ্রুত ব্যবস্থা নেওয়া হবে। বিশেষজ্ঞরা মনে করেন, সঠিক পরিকল্পনা ও নজরদারি ছাড়া এ ধরনের সমস্যা সমাধান সম্ভব নয়।
